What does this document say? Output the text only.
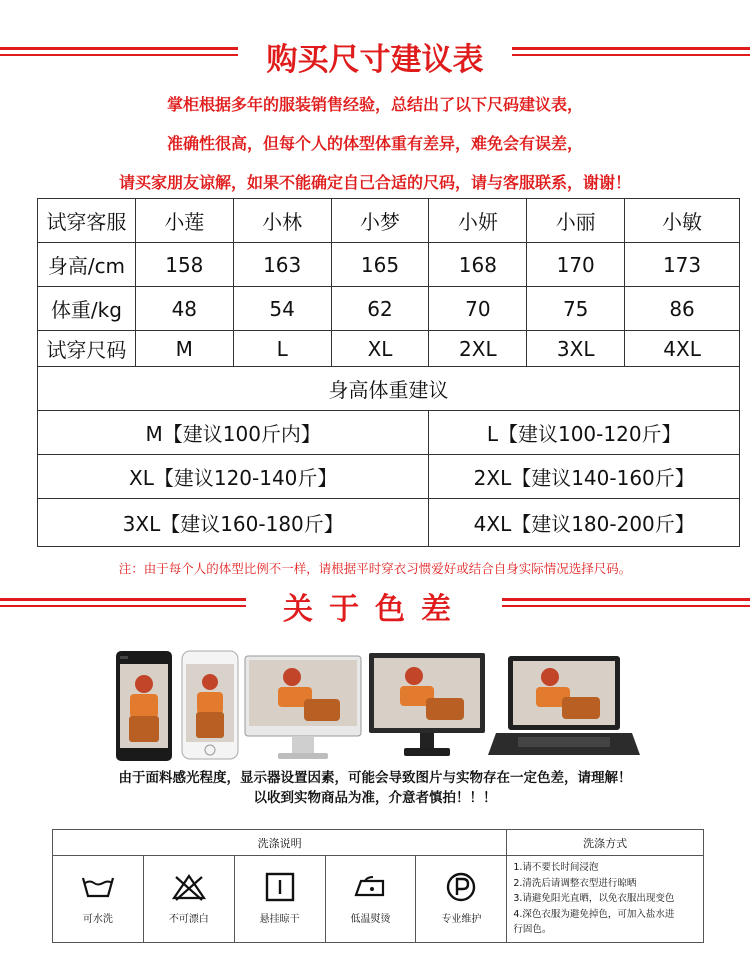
购买尺寸建议表
掌柜根据多年的服装销售经验，总结出了以下尺码建议表，
准确性很高，但每个人的体型体重有差异，难免会有误差，
请买家朋友谅解，如果不能确定自己合适的尺码，请与客服联系，谢谢！
试穿客服	小莲	小林	小梦	小妍	小丽	小敏
身高/cm	158	163	165	168	170	173
体重/kg	48	54	62	70	75	86
试穿尺码	M	L	XL	2XL	3XL	4XL
身高体重建议						
M【建议100斤内】				L【建议100-120斤】		
XL【建议120-140斤】				2XL【建议140-160斤】		
3XL【建议160-180斤】				4XL【建议180-200斤】		
注：由于每个人的体型比例不一样，请根据平时穿衣习惯爱好或结合自身实际情况选择尺码。
关于色差
由于面料感光程度，显示器设置因素，可能会导致图片与实物存在一定色差，请理解！
以收到实物商品为准，介意者慎拍！！！
洗涤说明					洗涤方式

可水洗	不可漂白	悬挂晾干	低温熨烫	专业维护	1.请不要长时间浸泡
2.清洗后请调整衣型进行晾晒
3.请避免阳光直晒，以免衣服出现变色
4.深色衣服为避免掉色，可加入盐水进
行固色。
